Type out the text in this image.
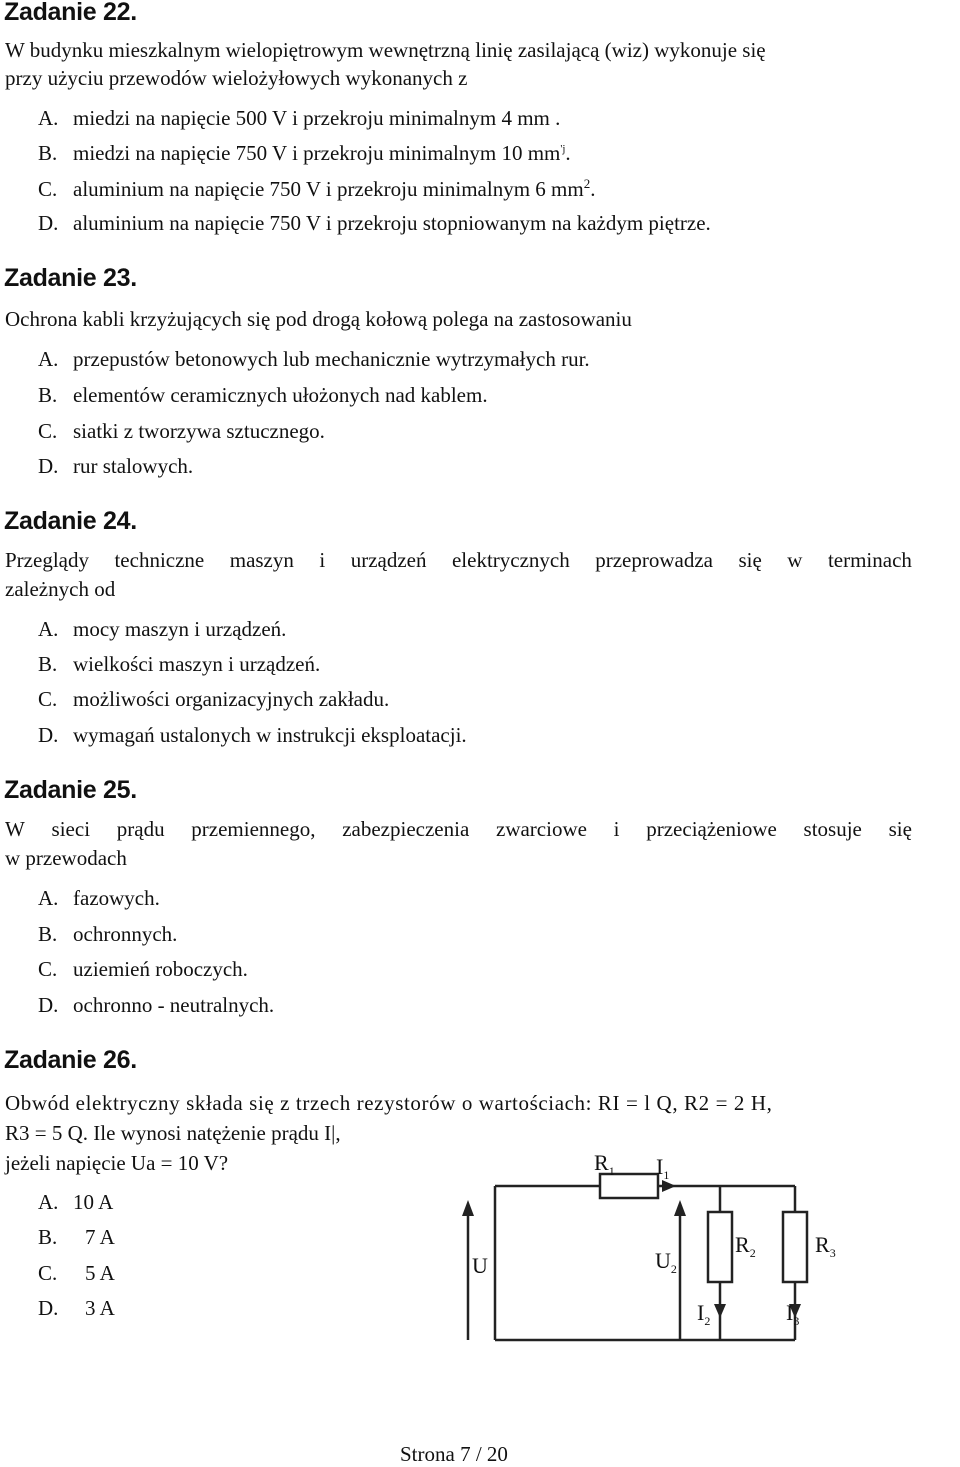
Zadanie 22.
W budynku mieszkalnym wielopiętrowym wewnętrzną linię zasilającą (wiz) wykonuje się
przy użyciu przewodów wielożyłowych wykonanych z
A. miedzi na napięcie 500 V i przekroju minimalnym 4 mm .
B. miedzi na napięcie 750 V i przekroju minimalnym 10 $mm^{'j}$.
C. aluminium na napięcie 750 V i przekroju minimalnym 6 $mm^2$.
D. aluminium na napięcie 750 V i przekroju stopniowanym na każdym piętrze.
Zadanie 23.
Ochrona kabli krzyżujących się pod drogą kołową polega na zastosowaniu
A. przepustów betonowych lub mechanicznie wytrzymałych rur.
B. elementów ceramicznych ułożonych nad kablem.
C. siatki z tworzywa sztucznego.
D. rur stalowych.
Zadanie 24.
Przeglądy techniczne maszyn i urządzeń elektrycznych przeprowadza się w terminach
zależnych od
A. mocy maszyn i urządzeń.
B. wielkości maszyn i urządzeń.
C. możliwości organizacyjnych zakładu.
D. wymagań ustalonych w instrukcji eksploatacji.
Zadanie 25.
W sieci prądu przemiennego, zabezpieczenia zwarciowe i przeciążeniowe stosuje się
w przewodach
A. fazowych.
B. ochronnych.
C. uziemień roboczych.
D. ochronno - neutralnych.
Zadanie 26.
Obwód elektryczny składa się z trzech rezystorów o wartościach: RI = l Q, R2 = 2 H,
R3 = 5 Q. Ile wynosi natężenie prądu I|,
jeżeli napięcie Ua = 10 V?
A. 10 A
B. 7 A
C. 5 A
D. 3 A
$R_1$ $I_1$
$R_2$	$R_3$
U	$U_2$
$I_2$	$I_3$
Strona 7 / 20
